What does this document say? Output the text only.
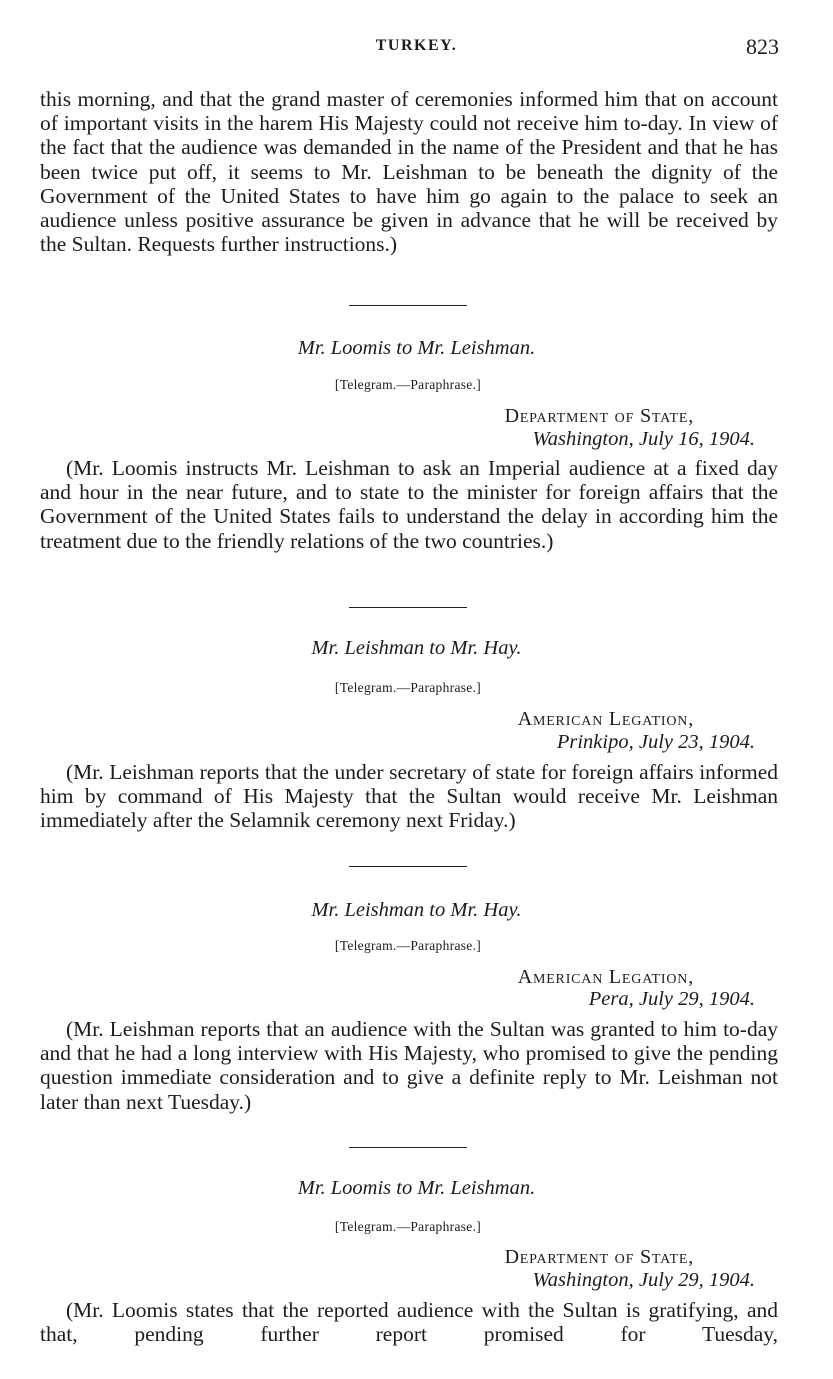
TURKEY.	823

this morning, and that the grand master of ceremonies informed him that on account of important visits in the harem His Majesty could not receive him to-day. In view of the fact that the audience was demanded in the name of the President and that he has been twice put off, it seems to Mr. Leishman to be beneath the dignity of the Government of the United States to have him go again to the palace to seek an audience unless positive assurance be given in advance that he will be received by the Sultan. Requests further instructions.)

Mr. Loomis to Mr. Leishman.
[Telegram.—Paraphrase.]
Department of State,
Washington, July 16, 1904.

(Mr. Loomis instructs Mr. Leishman to ask an Imperial audience at a fixed day and hour in the near future, and to state to the minister for foreign affairs that the Government of the United States fails to understand the delay in according him the treatment due to the friendly relations of the two countries.)

Mr. Leishman to Mr. Hay.
[Telegram.—Paraphrase.]
American Legation,
Prinkipo, July 23, 1904.

(Mr. Leishman reports that the under secretary of state for foreign affairs informed him by command of His Majesty that the Sultan would receive Mr. Leishman immediately after the Selamnik ceremony next Friday.)

Mr. Leishman to Mr. Hay.
[Telegram.—Paraphrase.]
American Legation,
Pera, July 29, 1904.

(Mr. Leishman reports that an audience with the Sultan was granted to him to-day and that he had a long interview with His Majesty, who promised to give the pending question immediate consideration and to give a definite reply to Mr. Leishman not later than next Tuesday.)

Mr. Loomis to Mr. Leishman.
[Telegram.—Paraphrase.]
Department of State,
Washington, July 29, 1904.

(Mr. Loomis states that the reported audience with the Sultan is gratifying, and that, pending further report promised for Tuesday,
